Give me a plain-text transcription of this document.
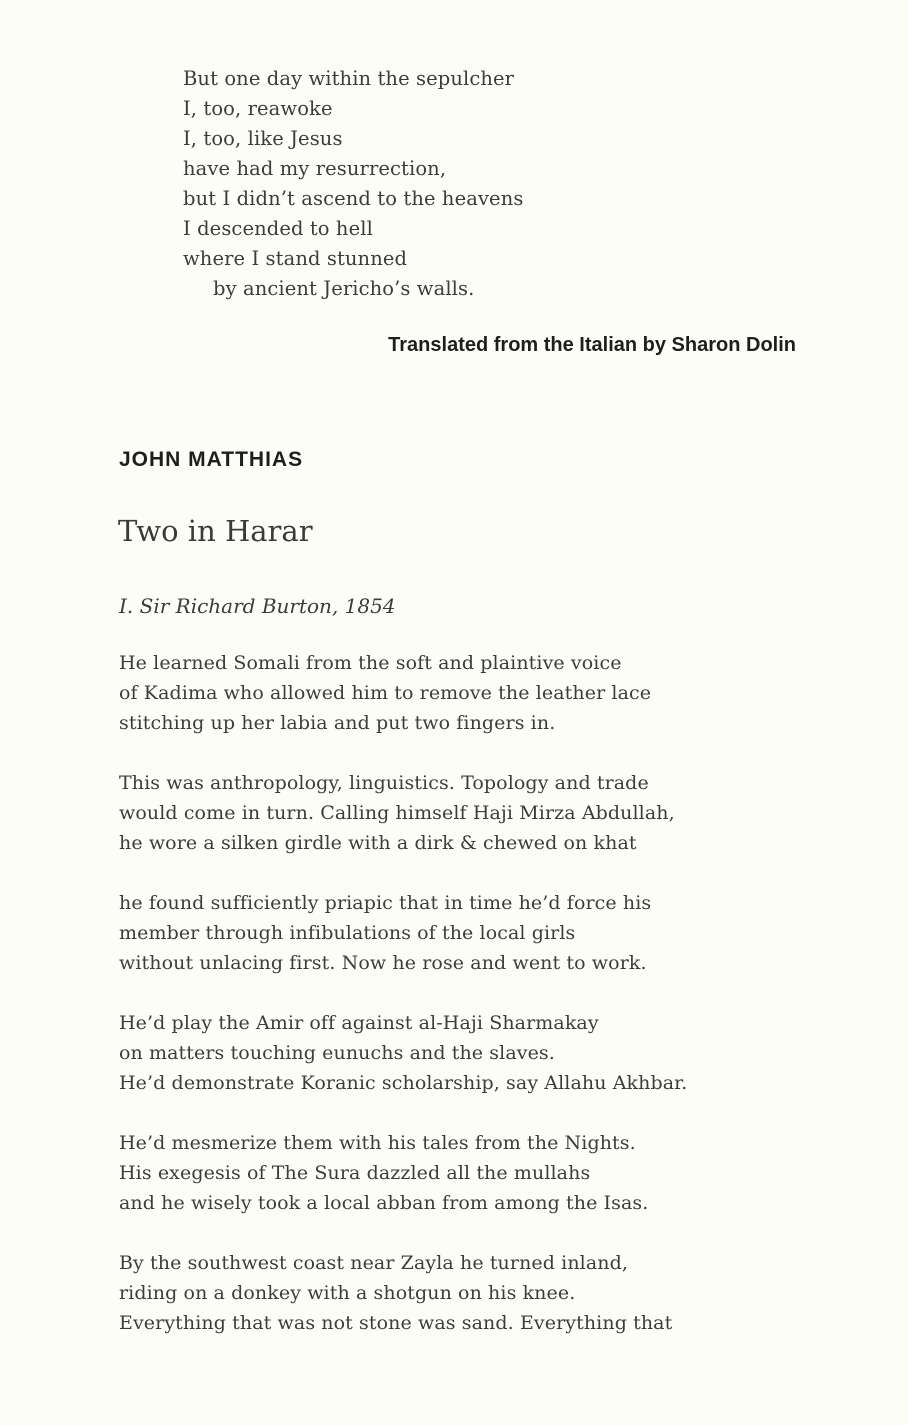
But one day within the sepulcher
I, too, reawoke
I, too, like Jesus
have had my resurrection,
but I didn’t ascend to the heavens
I descended to hell
where I stand stunned
by ancient Jericho’s walls.
Translated from the Italian by Sharon Dolin
JOHN MATTHIAS
Two in Harar
I. Sir Richard Burton, 1854
He learned Somali from the soft and plaintive voice
of Kadima who allowed him to remove the leather lace
stitching up her labia and put two fingers in.
This was anthropology, linguistics. Topology and trade
would come in turn. Calling himself Haji Mirza Abdullah,
he wore a silken girdle with a dirk & chewed on khat
he found sufficiently priapic that in time he’d force his
member through infibulations of the local girls
without unlacing first. Now he rose and went to work.
He’d play the Amir off against al-Haji Sharmakay
on matters touching eunuchs and the slaves.
He’d demonstrate Koranic scholarship, say Allahu Akhbar.
He’d mesmerize them with his tales from the Nights.
His exegesis of The Sura dazzled all the mullahs
and he wisely took a local abban from among the Isas.
By the southwest coast near Zayla he turned inland,
riding on a donkey with a shotgun on his knee.
Everything that was not stone was sand. Everything that
